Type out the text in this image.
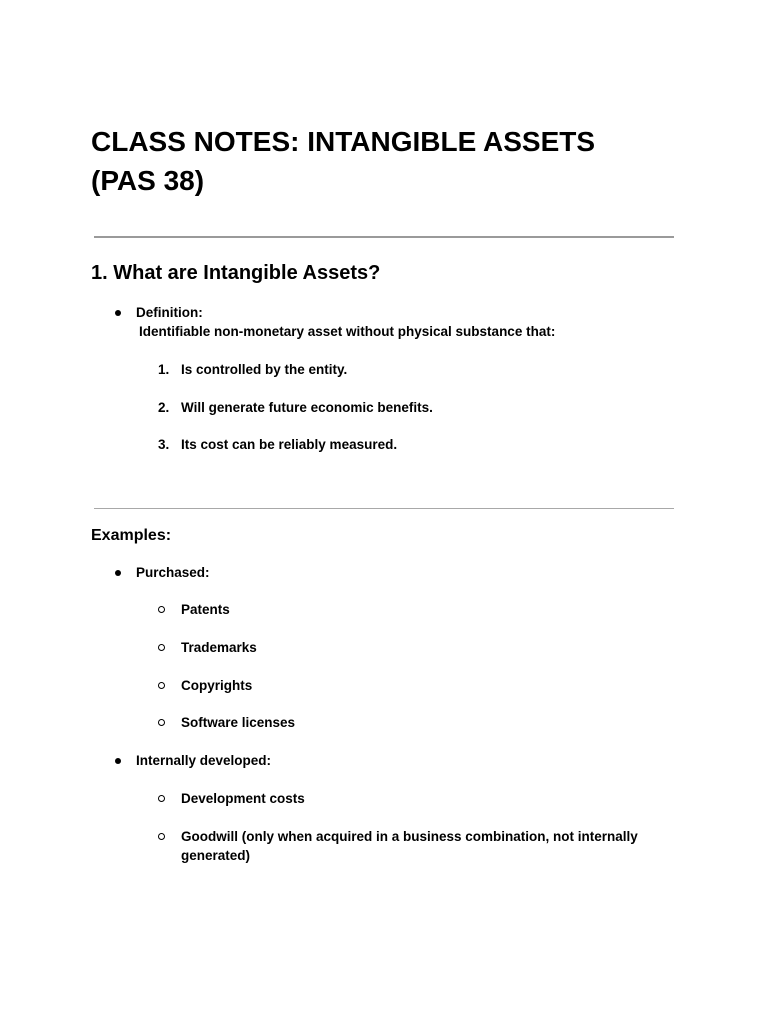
CLASS NOTES: INTANGIBLE ASSETS
(PAS 38)
1. What are Intangible Assets?
Definition:
Identifiable non-monetary asset without physical substance that:
1. Is controlled by the entity.
2. Will generate future economic benefits.
3. Its cost can be reliably measured.
Examples:
Purchased:
Patents
Trademarks
Copyrights
Software licenses
Internally developed:
Development costs
Goodwill (only when acquired in a business combination, not internally generated)
